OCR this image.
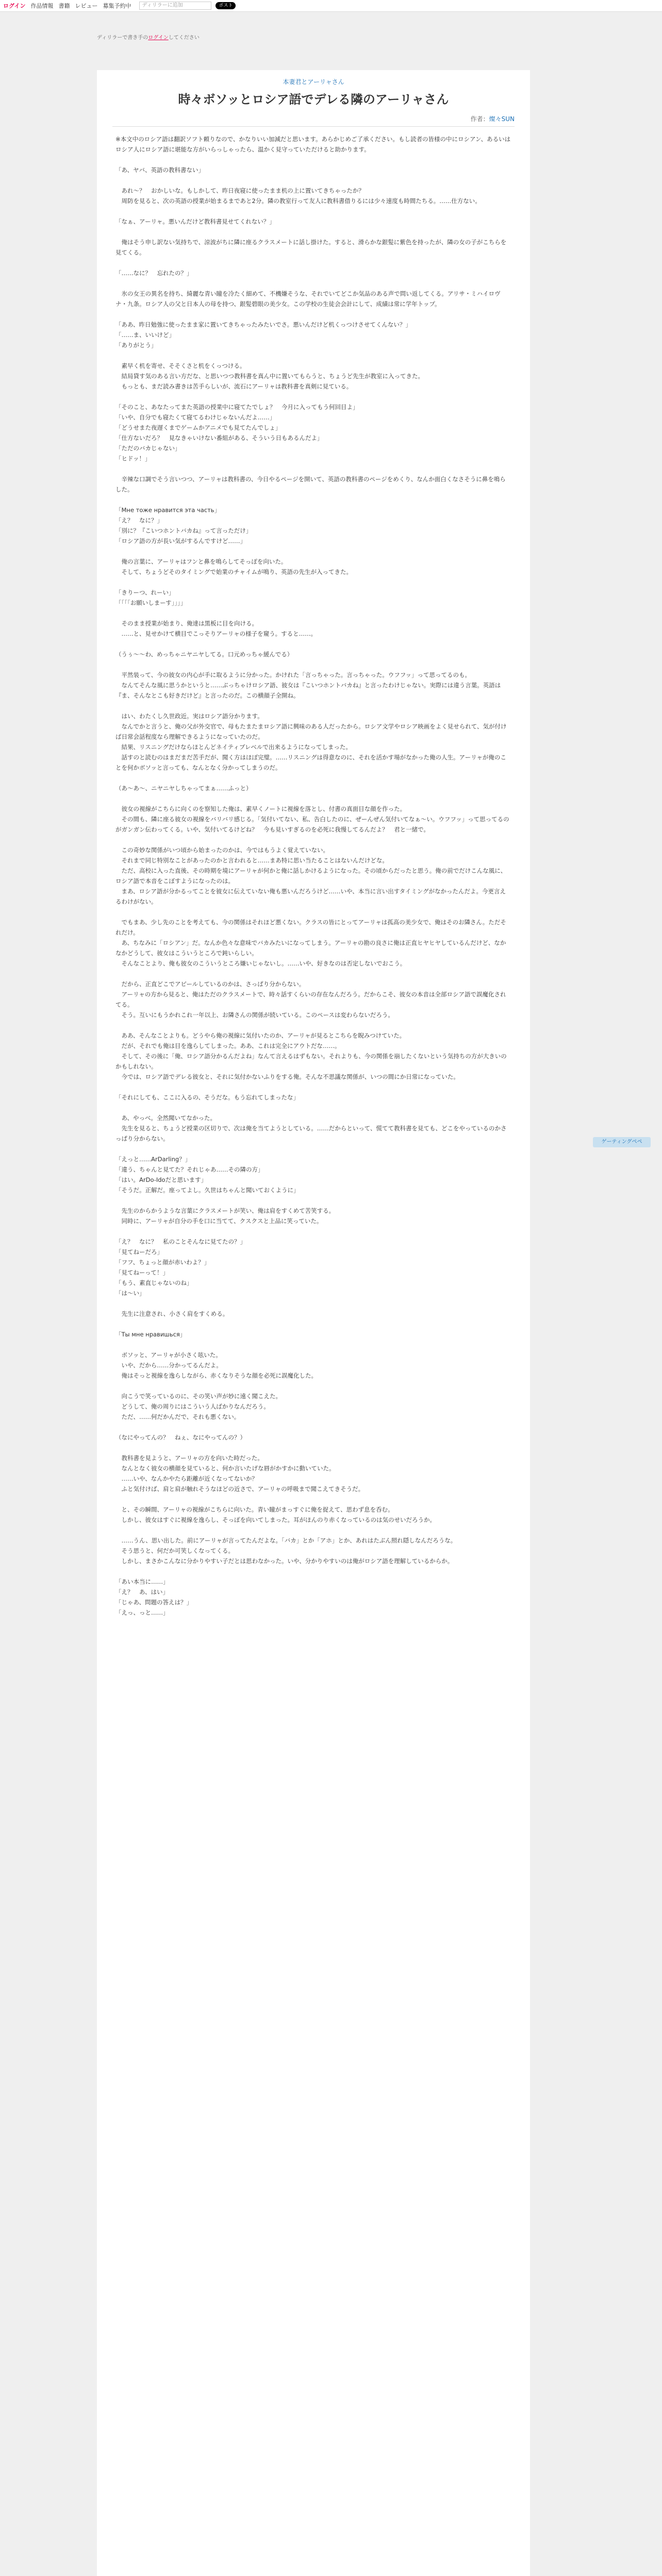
ログイン 作品情報 書籍 レビュー 募集予約中	ディリラーに追加	ポスト
ディリラーで書き手のログインしてください
本妻君とアーリャさん
時々ボソッとロシア語でデレる隣のアーリャさん
作者：燦々SUN

※本文中のロシア語は翻訳ソフト頼りなので、かなりいい加減だと思います。あらかじめご了承ください。もし読者の皆様の中にロシアン、あるいはロシア人にロシア語に堪能な方がいらっしゃったら、温かく見守っていただけると助かります。

「あ、ヤバ、英語の教科書ない」

　あれ～？　おかしいな。もしかして、昨日夜寝に使ったまま机の上に置いてきちゃったか？
　周防を見ると、次の英語の授業が始まるまであと2分。隣の教室行って友人に教科書借りるには少々速度も時間たちる。……仕方ない。

「なぁ、アーリャ。悪いんだけど教科書見せてくれない？」

　俺はそう申し訳ない気持ちで、涼波がちに隣に座るクラスメートに話し掛けた。すると、滑らかな銀髪に紫色を持ったが、隣の女の子がこちらを見てくる。

「……なに？　忘れたの？」

　氷の女王の異名を持ち、綺麗な青い瞳を冷たく細めて、不機嫌そうな、それでいてどこか気品のある声で問い返してくる。アリサ・ミハイロヴナ・九条。ロシア人の父と日本人の母を持つ、銀髪碧眼の美少女。この学校の生徒会会計にして、成績は常に学年トップ。

「ああ、昨日勉強に使ったまま家に置いてきちゃったみたいでさ。悪いんだけど机くっつけさせてくんない？」
「……ま、いいけど」
「ありがとう」

　素早く机を寄せ、そそくさと机をくっつける。
　結局貸す気のある言い方だな、と思いつつ教科書を真ん中に置いてもらうと、ちょうど先生が教室に入ってきた。
　もっとも、まだ読み書きは苦手らしいが、流石にアーリャは教科書を真剣に見ている。

「そのこと、あなたってまた英語の授業中に寝てたでしょ？　今月に入ってもう何回目よ」
「いや、自分でも寝たくて寝てるわけじゃないんだよ……」
「どうせまた夜遅くまでゲームかアニメでも見てたんでしょ」
「仕方ないだろ？　見なきゃいけない番組がある、そういう日もあるんだよ」
「ただのバカじゃない」
「ヒドッ！」

　辛辣な口調でそう言いつつ、アーリャは教科書の、今日やるページを開いて、英語の教科書のページをめくり、なんか面白くなさそうに鼻を鳴らした。

「Мне тоже нравится эта часть」
「え？　なに？」
「別に？『こいつホントバカね』って言っただけ」
「ロシア語の方が長い気がするんですけど……」

　俺の言葉に、アーリャはフンと鼻を鳴らしてそっぽを向いた。
　そして、ちょうどそのタイミングで始業のチャイムが鳴り、英語の先生が入ってきた。

「きりーつ、れーい」
「「「「お願いしまーす」」」」

　そのまま授業が始まり、俺達は黒板に目を向ける。
　……と、見せかけて横目でこっそりアーリャの様子を窺う。すると……。

（うぅ～～わ、めっちゃニヤニヤしてる。口元めっちゃ緩んでる）

　平然装って、今の彼女の内心が手に取るように分かった。かけれた「言っちゃった。言っちゃった。ウフフッ」って思ってるのも。
　なんてそんな風に思うかというと……ぶっちゃけロシア語、彼女は『こいつホントバカね』と言ったわけじゃない。実際には違う言葉。英語は『ま、そんなとこも好きだけど』と言ったのだ。この横顔子全開ね。

　はい、わたくし久世政近。実はロシア語分かります。
　なんでかと言うと、俺の父が外交官で、母もたまたまロシア語に興味のある人だったから。ロシア文学やロシア映画をよく見せられて、気が付けば日常会話程度なら理解できるようになっていたのだ。
　結果、リスニングだけならほとんどネイティブレベルで出来るようになってしまった。
　話すのと読むのはまだまだ苦手だが、聞く方はほぼ完璧。……リスニングは得意なのに、それを活かす場がなかった俺の人生。アーリャが俺のことを何かボソッと言っても、なんとなく分かってしまうのだ。

（あ～あ～、ニヤニヤしちゃってまぁ……ふっと）

　彼女の視線がこちらに向くのを察知した俺は、素早くノートに視線を落とし、付書の真面目な顔を作った。
　その間も、隣に座る彼女の視線をバリバリ感じる。「気付いてない、私、告白したのに、ぜーんぜん気付いてなぁ～い。ウフフッ」って思ってるのがガンガン伝わってくる。いや、気付いてるけどね？　今も見いすぎるのを必死に我慢してるんだよ？　君と一緒で。

　この奇妙な関係がいつ頃から始まったのかは、今ではもうよく覚えていない。
　それまで同じ特別なことがあったのかと言われると……まあ特に思い当たることはないんだけどな。
　ただ、高校に入った直後、その時期を境にアーリャが何かと俺に話しかけるようになった。その頃からだったと思う。俺の前でだけこんな風に、ロシア語で本音をこぼすようになったのは。
　まあ、ロシア語が分かるってことを彼女に伝えていない俺も悪いんだろうけど……いや、本当に言い出すタイミングがなかったんだよ。今更言えるわけがない。

　でもまあ、少し先のことを考えても、今の関係はそれほど悪くない。クラスの皆にとってアーリャは孤高の美少女で、俺はそのお隣さん。ただそれだけ。
　あ、ちなみに「ロシアン」だ。なんか色々な意味でバカみたいになってしまう。アーリャの勘の良さに俺は正直ヒヤヒヤしているんだけど、なかなかどうして、彼女はこういうところで鈍いらしい。
　そんなことより、俺も彼女のこういうところ嫌いじゃないし。……いや、好きなのは否定しないでおこう。

　だから、正直どこでアピールしているのかは、さっぱり分からない。
　アーリャの方から見ると、俺はただのクラスメートで、時々話すくらいの存在なんだろう。だからこそ、彼女の本音は全部ロシア語で誤魔化されてる。
　そう。互いにもうかれこれ一年以上、お隣さんの関係が続いている。このペースは変わらないだろう。

　ああ、そんなことよりも。どうやら俺の視線に気付いたのか、アーリャが見るとこちらを睨みつけていた。
　だが、それでも俺は目を逸らしてしまった。ああ、これは完全にアウトだな……。
　そして、その後に「俺、ロシア語分かるんだよね」なんて言えるはずもない。それよりも、今の関係を崩したくないという気持ちの方が大きいのかもしれない。
　今では、ロシア語でデレる彼女と、それに気付かないふりをする俺。そんな不思議な関係が、いつの間にか日常になっていた。

「それにしても、ここに入るの、そうだな。もう忘れてしまったな」

　あ、やっべ。全然聞いてなかった。
　先生を見ると、ちょうど授業の区切りで、次は俺を当てようとしている。……だからといって、慌てて教科書を見ても、どこをやっているのかさっぱり分からない。

「えっと……ArDarling？」
「違う、ちゃんと見てた？それじゃあ……その隣の方」
「はい。ArDo-Idoだと思います」
「そうだ。正解だ。座ってよし。久世はちゃんと聞いておくように」

　先生のからかうような言葉にクラスメートが笑い、俺は肩をすくめて苦笑する。
　同時に、アーリャが自分の手を口に当てて、クスクスと上品に笑っていた。

「え？　なに？　私のことそんなに見てたの？」
「見てねーだろ」
「フフ、ちょっと顔が赤いわよ？」
「見てねーって！」
「もう、素直じゃないのね」
「は～い」

　先生に注意され、小さく肩をすくめる。

「Ты мне нравишься」

　ボソッと、アーリャが小さく呟いた。
　いや、だから……分かってるんだよ。
　俺はそっと視線を逸らしながら、赤くなりそうな顔を必死に誤魔化した。

　向こうで笑っているのに、その笑い声が妙に遠く聞こえた。
　どうして、俺の周りにはこういう人ばかりなんだろう。
　ただ、……何だかんだで、それも悪くない。

（なにやってんの？　ねぇ、なにやってんの？）

　教科書を見ようと、アーリャの方を向いた時だった。
　なんとなく彼女の横顔を見ていると、何か言いたげな唇がかすかに動いていた。
　……いや、なんかやたら距離が近くなってないか？
　ふと気付けば、肩と肩が触れそうなほどの近さで、アーリャの呼吸まで聞こえてきそうだ。

　と、その瞬間、アーリャの視線がこちらに向いた。青い瞳がまっすぐに俺を捉えて、思わず息を呑む。
　しかし、彼女はすぐに視線を逸らし、そっぽを向いてしまった。耳がほんのり赤くなっているのは気のせいだろうか。

　……うん、思い出した。前にアーリャが言ってたんだよな。「バカ」とか「アホ」とか、あれはたぶん照れ隠しなんだろうな。
　そう思うと、何だか可笑しくなってくる。
　しかし、まさかこんなに分かりやすい子だとは思わなかった。いや、分かりやすいのは俺がロシア語を理解しているからか。

「あい本当に……」
「え？　あ、はい」
「じゃあ、問題の答えは？」
「えっ、っと……」

ゲーティングぺペ
